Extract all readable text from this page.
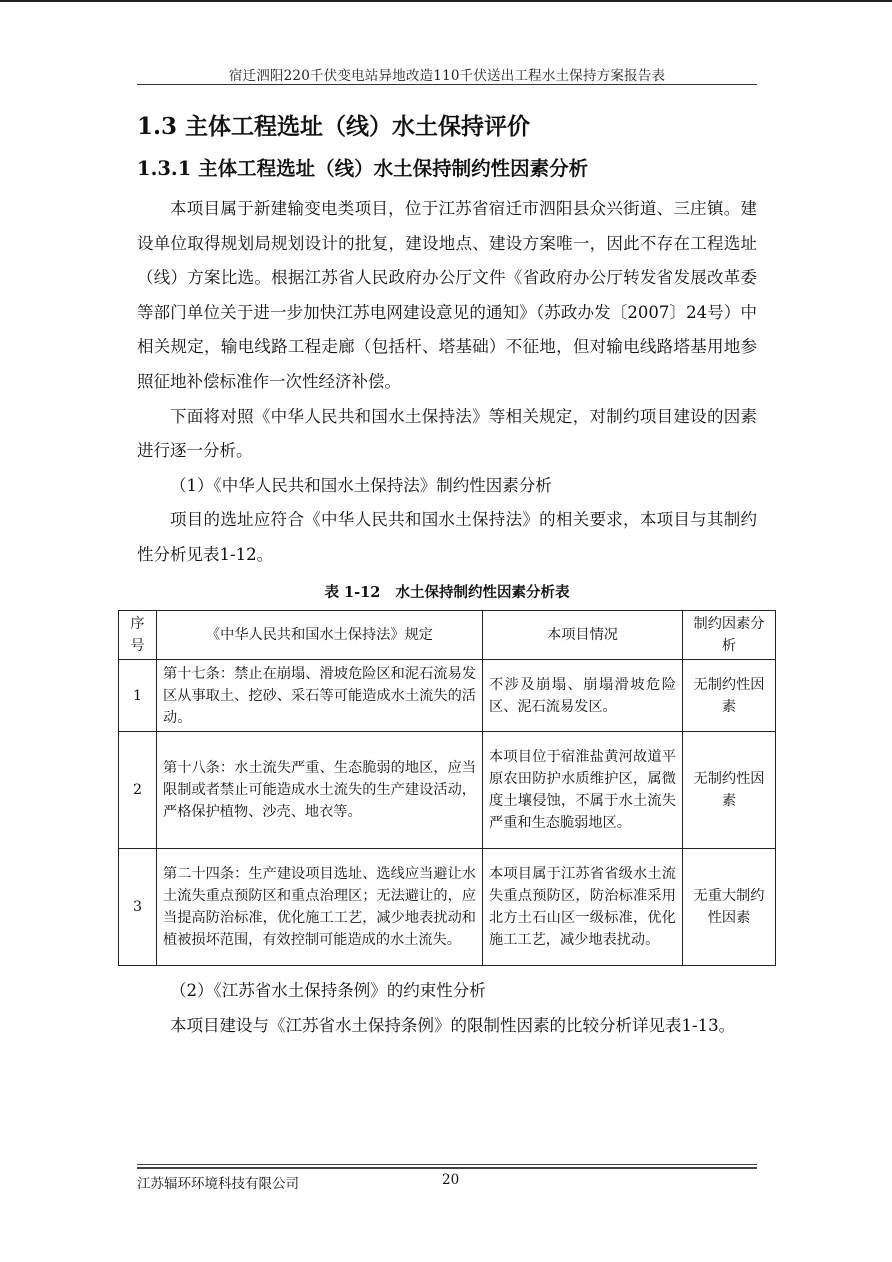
宿迁泗阳220千伏变电站异地改造110千伏送出工程水土保持方案报告表
1.3 主体工程选址（线）水土保持评价
1.3.1 主体工程选址（线）水土保持制约性因素分析

本项目属于新建输变电类项目，位于江苏省宿迁市泗阳县众兴街道、三庄镇。建设单位取得规划局规划设计的批复，建设地点、建设方案唯一，因此不存在工程选址（线）方案比选。根据江苏省人民政府办公厅文件《省政府办公厅转发省发展改革委等部门单位关于进一步加快江苏电网建设意见的通知》（苏政办发〔2007〕24号）中相关规定，输电线路工程走廊（包括杆、塔基础）不征地，但对输电线路塔基用地参照征地补偿标准作一次性经济补偿。

下面将对照《中华人民共和国水土保持法》等相关规定，对制约项目建设的因素进行逐一分析。

（1）《中华人民共和国水土保持法》制约性因素分析

项目的选址应符合《中华人民共和国水土保持法》的相关要求，本项目与其制约性分析见表1-12。

表 1-12   水土保持制约性因素分析表
序号	《中华人民共和国水土保持法》规定	本项目情况	制约因素分析
1	第十七条：禁止在崩塌、滑坡危险区和泥石流易发区从事取土、挖砂、采石等可能造成水土流失的活动。	不涉及崩塌、崩塌滑坡危险区、泥石流易发区。	无制约性因素
2	第十八条：水土流失严重、生态脆弱的地区，应当限制或者禁止可能造成水土流失的生产建设活动，严格保护植物、沙壳、地衣等。	本项目位于宿淮盐黄河故道平原农田防护水质维护区，属微度土壤侵蚀，不属于水土流失严重和生态脆弱地区。	无制约性因素
3	第二十四条：生产建设项目选址、选线应当避让水土流失重点预防区和重点治理区；无法避让的，应当提高防治标准，优化施工工艺，减少地表扰动和植被损坏范围，有效控制可能造成的水土流失。	本项目属于江苏省省级水土流失重点预防区，防治标准采用北方土石山区一级标准，优化施工工艺，减少地表扰动。	无重大制约性因素

（2）《江苏省水土保持条例》的约束性分析

本项目建设与《江苏省水土保持条例》的限制性因素的比较分析详见表1-13。

江苏辐环环境科技有限公司	20
